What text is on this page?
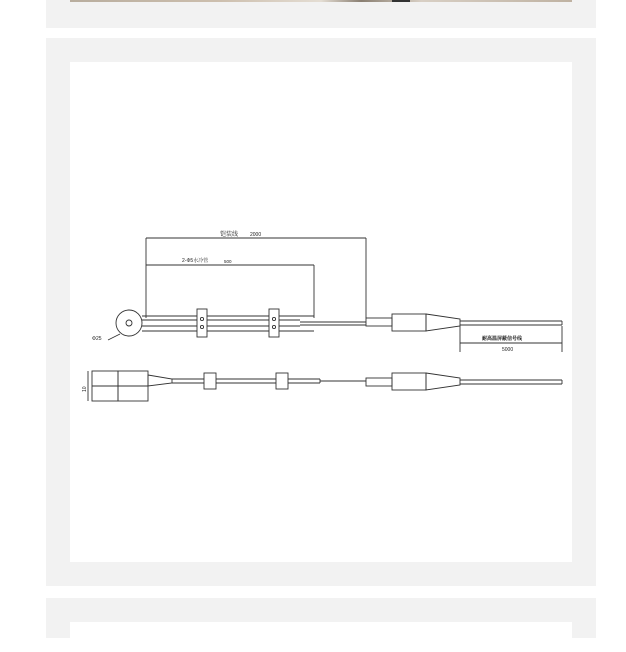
铠装线 2000
2-Φ5水冷管	500
Φ25	耐高温屏蔽信号线
5000
10
